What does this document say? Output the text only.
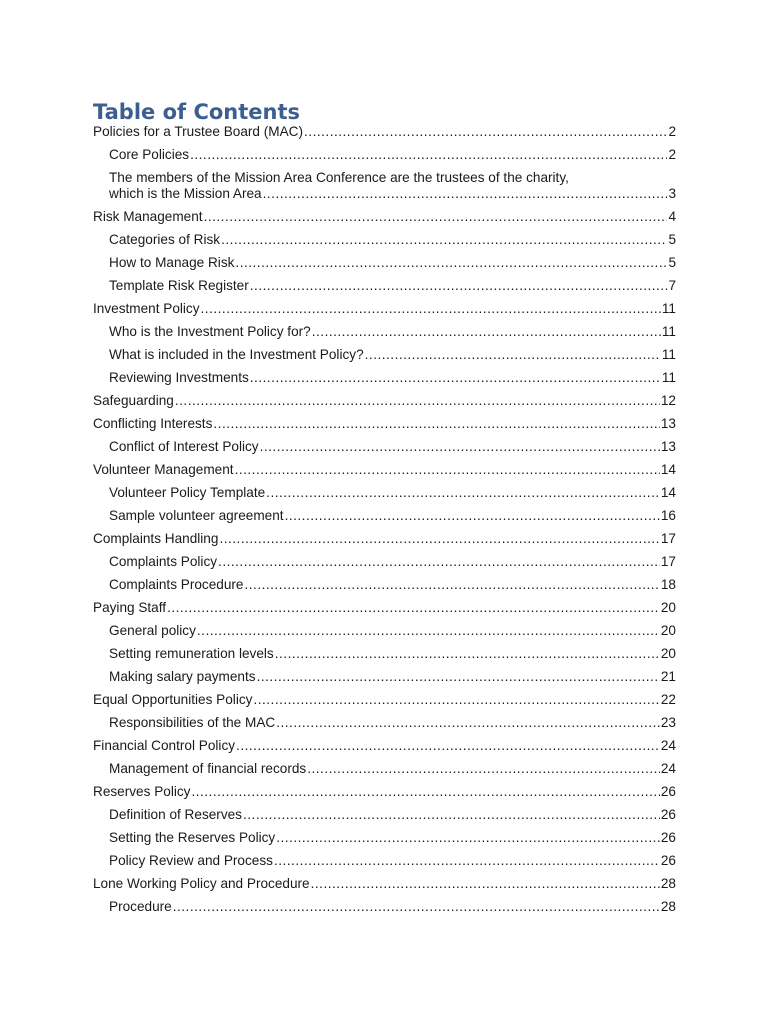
Table of Contents
Policies for a Trustee Board (MAC) .....	2
Core Policies .....	2
The members of the Mission Area Conference are the trustees of the charity,
which is the Mission Area .....	3
Risk Management .....	4
Categories of Risk .....	5
How to Manage Risk .....	5
Template Risk Register .....	7
Investment Policy .....	11
Who is the Investment Policy for? .....	11
What is included in the Investment Policy? .....	11
Reviewing Investments .....	11
Safeguarding .....	12
Conflicting Interests .....	13
Conflict of Interest Policy .....	13
Volunteer Management .....	14
Volunteer Policy Template .....	14
Sample volunteer agreement .....	16
Complaints Handling .....	17
Complaints Policy .....	17
Complaints Procedure .....	18
Paying Staff .....	20
General policy .....	20
Setting remuneration levels .....	20
Making salary payments .....	21
Equal Opportunities Policy .....	22
Responsibilities of the MAC .....	23
Financial Control Policy .....	24
Management of financial records .....	24
Reserves Policy .....	26
Definition of Reserves .....	26
Setting the Reserves Policy .....	26
Policy Review and Process .....	26
Lone Working Policy and Procedure .....	28
Procedure .....	28
